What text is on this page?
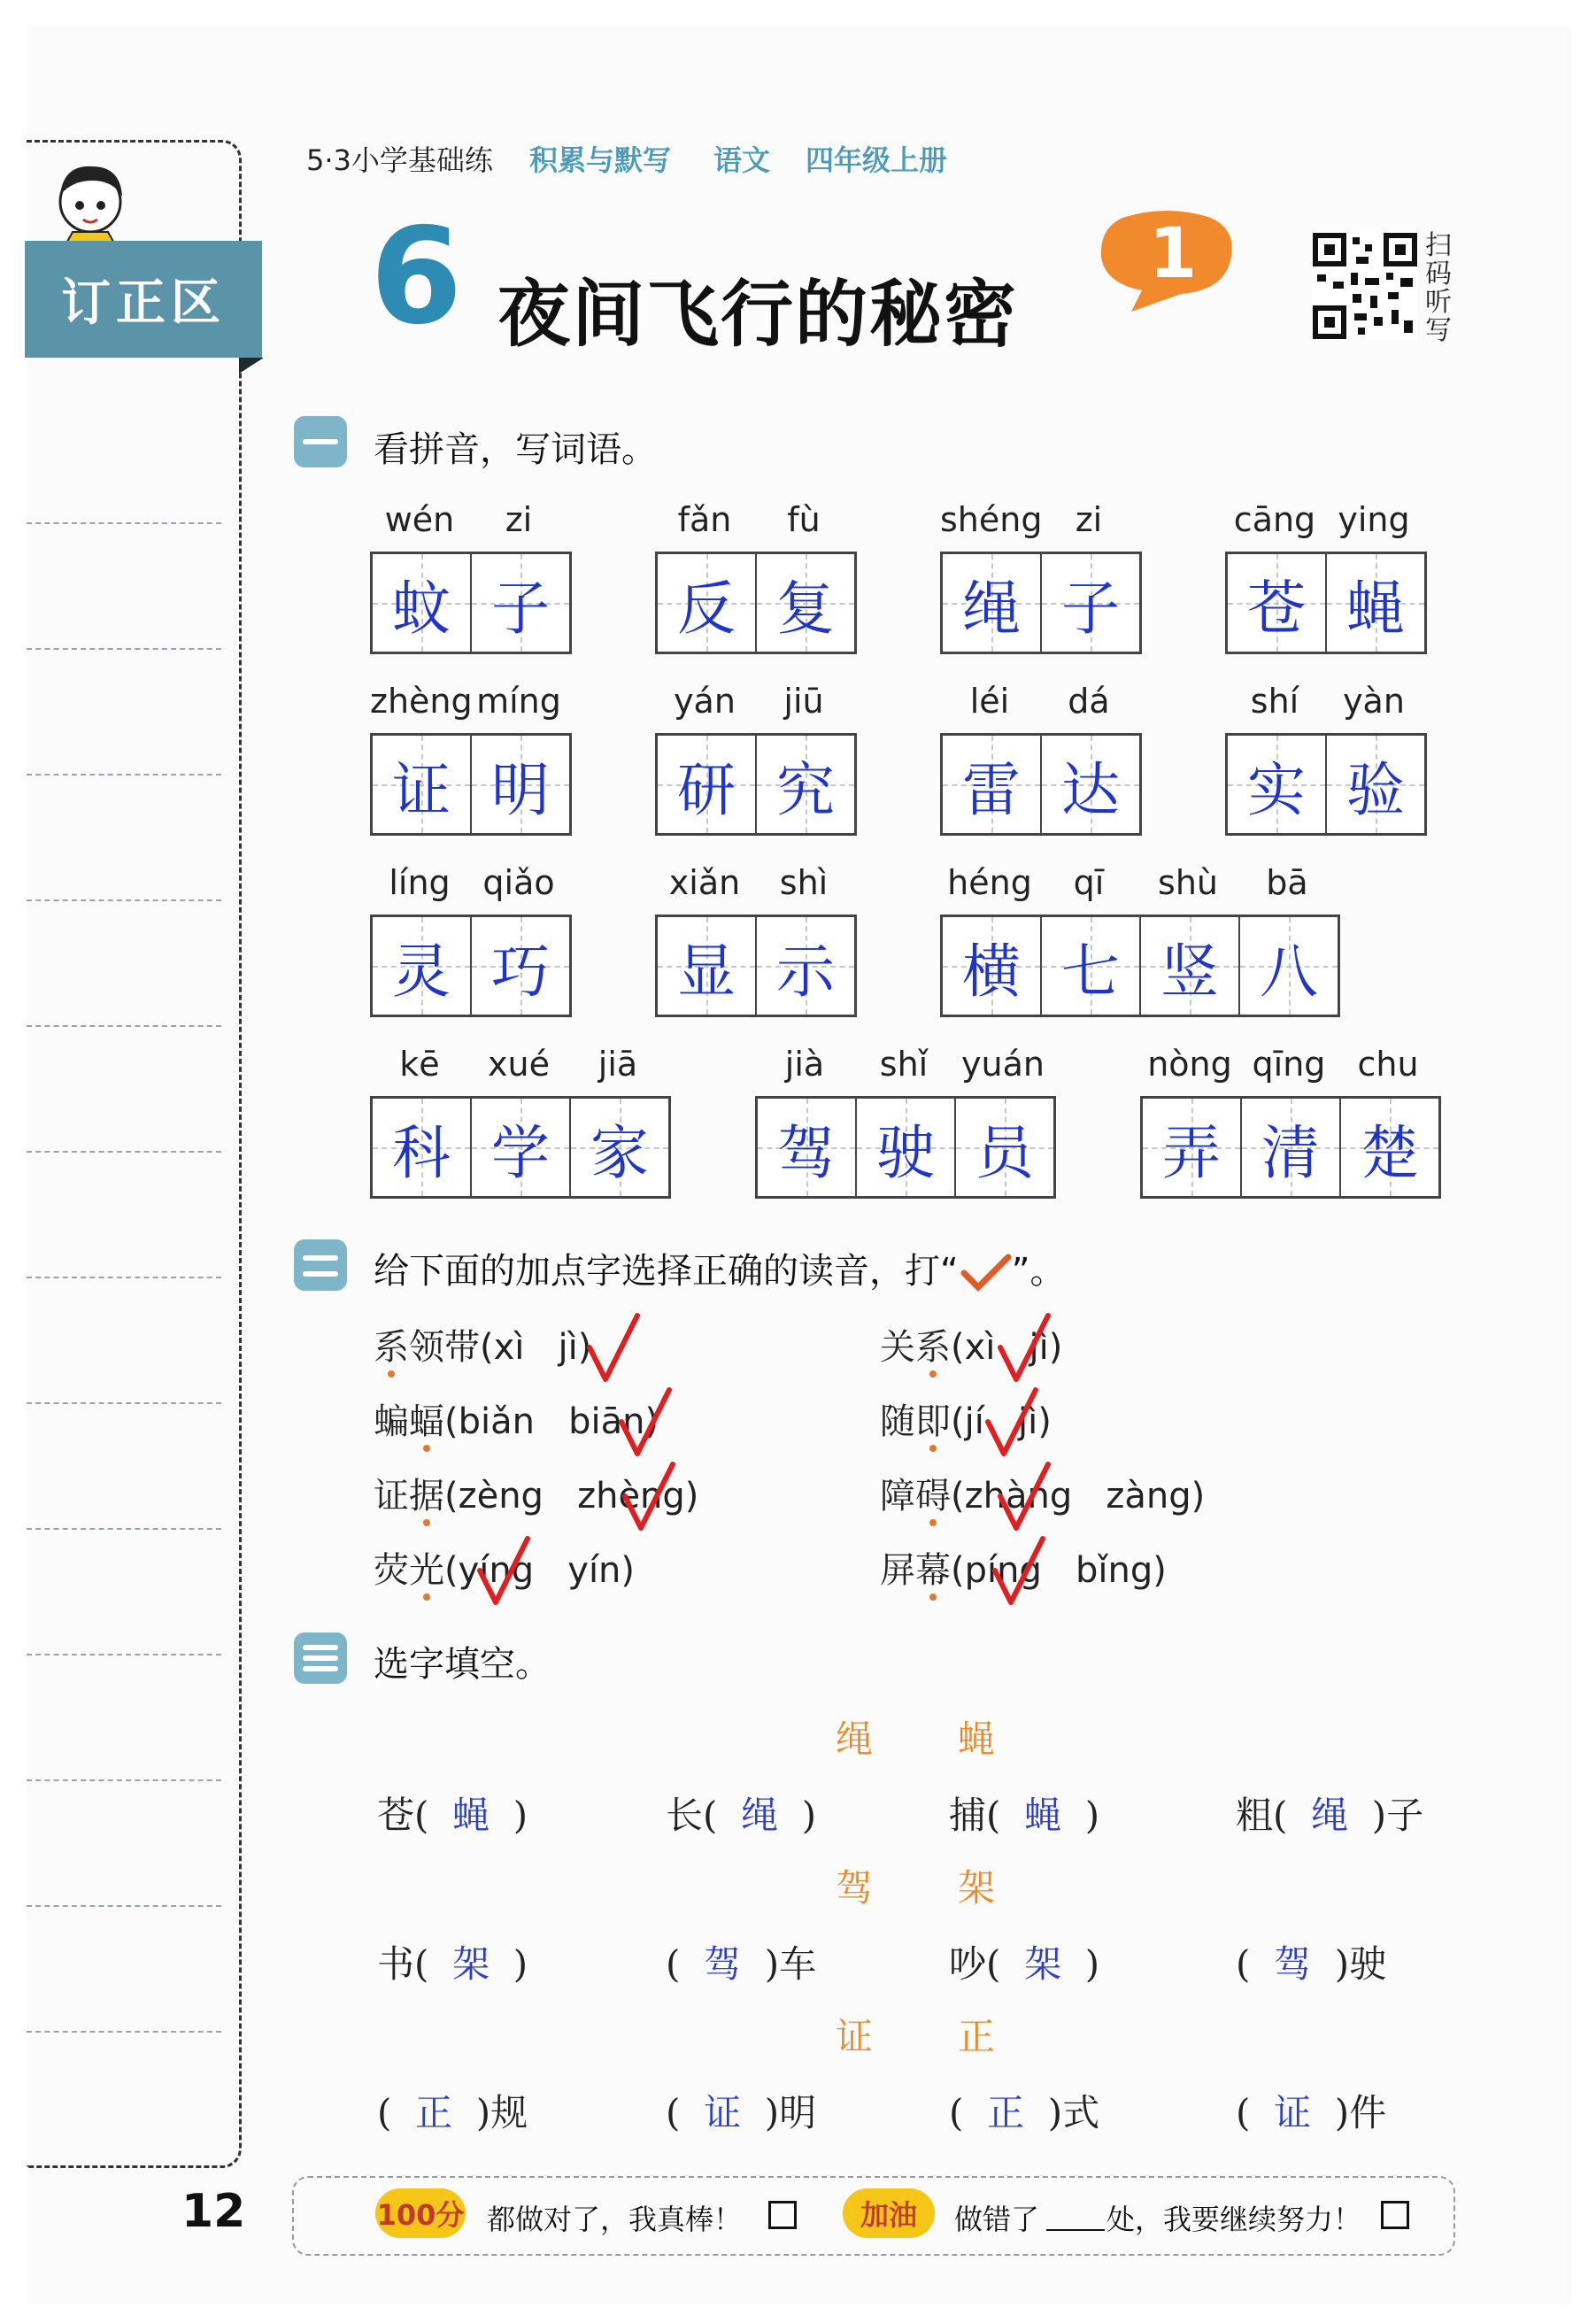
订正区
12
5·3小学基础练 积累与默写 语文 四年级上册
6 夜间飞行的秘密
1	扫
码
听
写
看拼音，写词语。
wén	zi
蚊 子
fǎn	fù
反 复
shéng zi
绳 子
cāng ying
苍 蝇
zhèng míng
证 明
yán	jiū
研 究
léi	dá
雷 达
shí	yàn
实 验
líng qiǎo
灵 巧
xiǎn	shì
显 示
héng	qī	shù	bā
横 七 竖 八
kē	xué	jiā
科 学 家
jià	shǐ yuán
驾 驶 员
nòng qīng chu
弄 清 楚
给下面的加点字选择正确的读音，打“ ”。
系领带(xì   jì)	关系(xì   jì)
蝙蝠(biǎn   biān)	随即(jí   jì)
证据(zèng   zhèng)	障碍(zhàng   zàng)
荧光(yíng   yín)	屏幕(píng   bǐng)
选字填空。
绳 蝇
苍(  蝇  )	长(  绳  )	捕(  蝇  )	粗(  绳  )子
驾 架
书(  架  )	(  驾  )车	吵(  架  )	(  驾  )驶
证 正
(  正  )规	(  证  )明	(  正  )式	(  证  )件
100分 都做对了，我真棒！	加油	做错了 处，我要继续努力！
